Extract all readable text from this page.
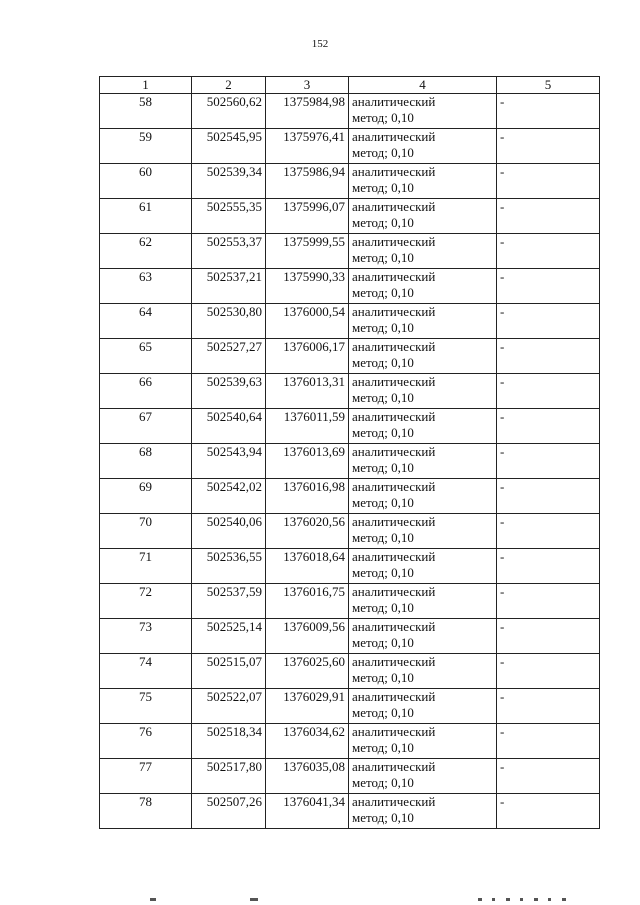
152
1	2	3	4	5
58	502560,62	1375984,98	аналитический
метод; 0,10	-
59	502545,95	1375976,41	аналитический
метод; 0,10	-
60	502539,34	1375986,94	аналитический
метод; 0,10	-
61	502555,35	1375996,07	аналитический
метод; 0,10	-
62	502553,37	1375999,55	аналитический
метод; 0,10	-
63	502537,21	1375990,33	аналитический
метод; 0,10	-
64	502530,80	1376000,54	аналитический
метод; 0,10	-
65	502527,27	1376006,17	аналитический
метод; 0,10	-
66	502539,63	1376013,31	аналитический
метод; 0,10	-
67	502540,64	1376011,59	аналитический
метод; 0,10	-
68	502543,94	1376013,69	аналитический
метод; 0,10	-
69	502542,02	1376016,98	аналитический
метод; 0,10	-
70	502540,06	1376020,56	аналитический
метод; 0,10	-
71	502536,55	1376018,64	аналитический
метод; 0,10	-
72	502537,59	1376016,75	аналитический
метод; 0,10	-
73	502525,14	1376009,56	аналитический
метод; 0,10	-
74	502515,07	1376025,60	аналитический
метод; 0,10	-
75	502522,07	1376029,91	аналитический
метод; 0,10	-
76	502518,34	1376034,62	аналитический
метод; 0,10	-
77	502517,80	1376035,08	аналитический
метод; 0,10	-
78	502507,26	1376041,34	аналитический
метод; 0,10	-
